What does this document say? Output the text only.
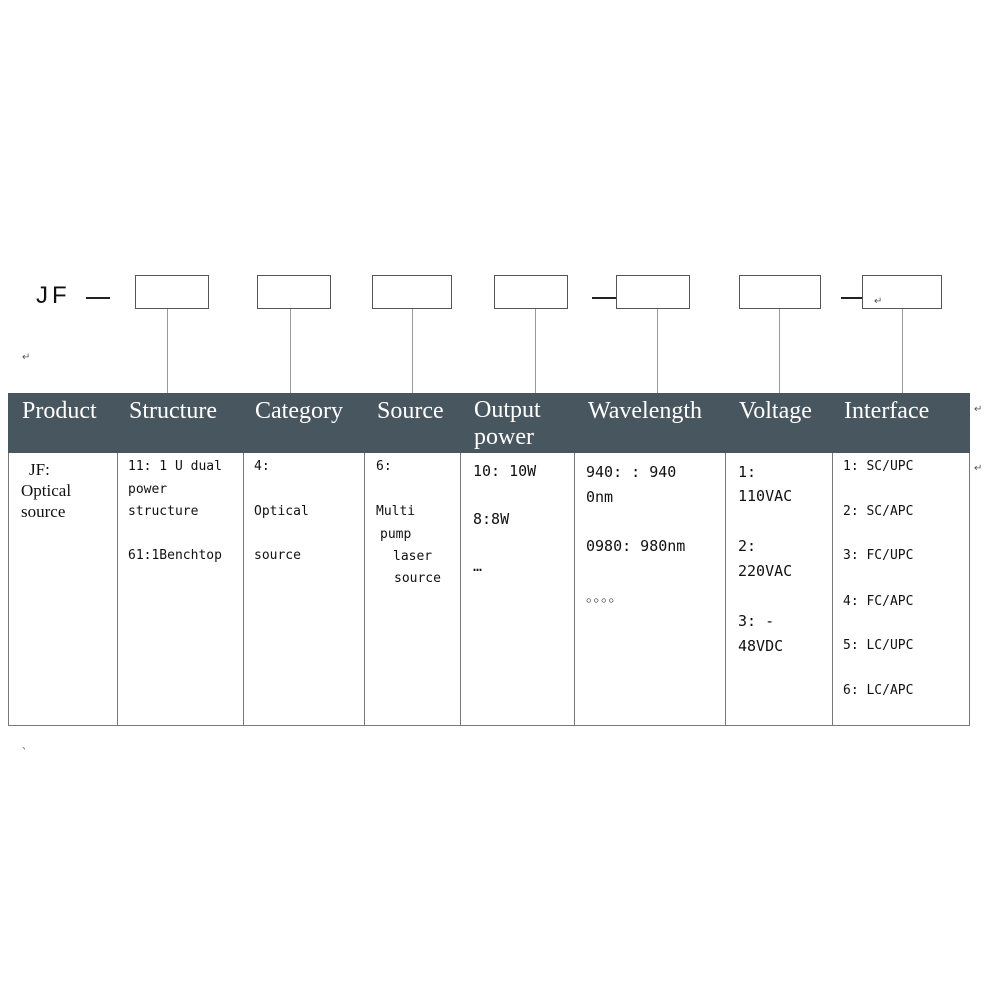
JF	↵
↵
Product Structure Category Source Output power
Wavelength Voltage Interface	↵
↵
JF:
Optical
source
11: 1 U dual
power
structure
61:1Benchtop
4:
Optical
source
6:
Multi
pump
laser
source
10: 10W
8:8W
…
940: : 940
0nm
0980: 980nm
。。。。
1:
110VAC
2:
220VAC
3: -
48VDC
1: SC/UPC
2: SC/APC
3: FC/UPC
4: FC/APC
5: LC/UPC
6: LC/APC
、
